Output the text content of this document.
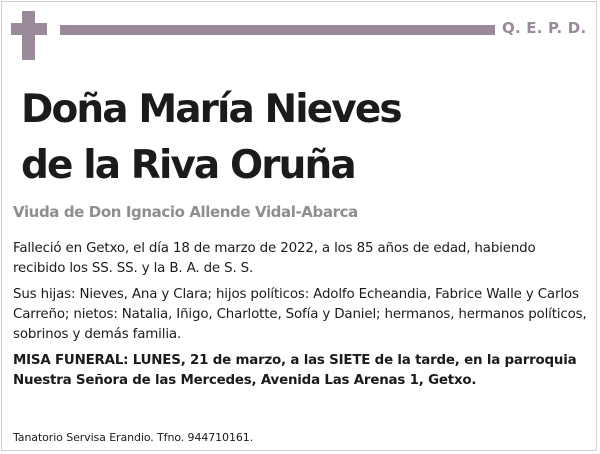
Q. E. P. D.
Doña María Nieves
de la Riva Oruña
Viuda de Don Ignacio Allende Vidal-Abarca

Falleció en Getxo, el día 18 de marzo de 2022, a los 85 años de edad, habiendo recibido los SS. SS. y la B. A. de S. S.

Sus hijas: Nieves, Ana y Clara; hijos políticos: Adolfo Echeandia, Fabrice Walle y Carlos Carreño; nietos: Natalia, Iñigo, Charlotte, Sofía y Daniel; hermanos, hermanos políticos, sobrinos y demás familia.

MISA FUNERAL: LUNES, 21 de marzo, a las SIETE de la tarde, en la parroquia Nuestra Señora de las Mercedes, Avenida Las Arenas 1, Getxo.

Tanatorio Servisa Erandio. Tfno. 944710161.
